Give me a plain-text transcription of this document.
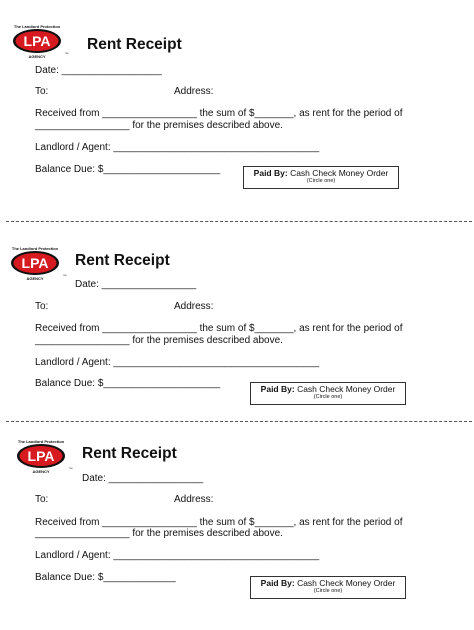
The Landlord Protection
LPA
AGENCY	™
Rent Receipt
Date: __________________
To:	Address:
Received from _________________ the sum of $_______, as rent for the period of
_________________ for the premises described above.
Landlord / Agent: _____________________________________
Balance Due: $_____________________	Paid By: Cash Check Money Order
(Circle one)
The Landlord Protection
LPA
AGENCY	™
Rent Receipt
Date: _________________
To:	Address:
Received from _________________ the sum of $_______, as rent for the period of
_________________ for the premises described above.
Landlord / Agent: _____________________________________
Balance Due: $_____________________	Paid By: Cash Check Money Order
(Circle one)
The Landlord Protection
LPA
AGENCY	™
Rent Receipt
Date: _________________
To:	Address:
Received from _________________ the sum of $_______, as rent for the period of
_________________ for the premises described above.
Landlord / Agent: _____________________________________
Balance Due: $_____________	Paid By: Cash Check Money Order
(Circle one)
